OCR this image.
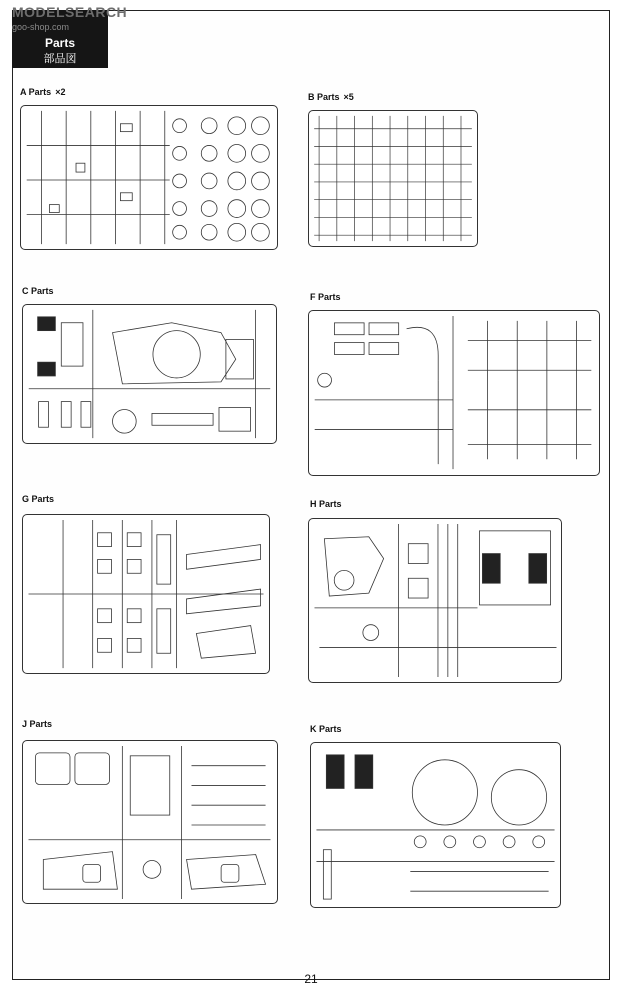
Parts
部品図
MODELSEARCH
goo-shop.com
A Parts ×2	B Parts ×5
C Parts
F Parts
G Parts	H Parts
J Parts	K Parts
21
